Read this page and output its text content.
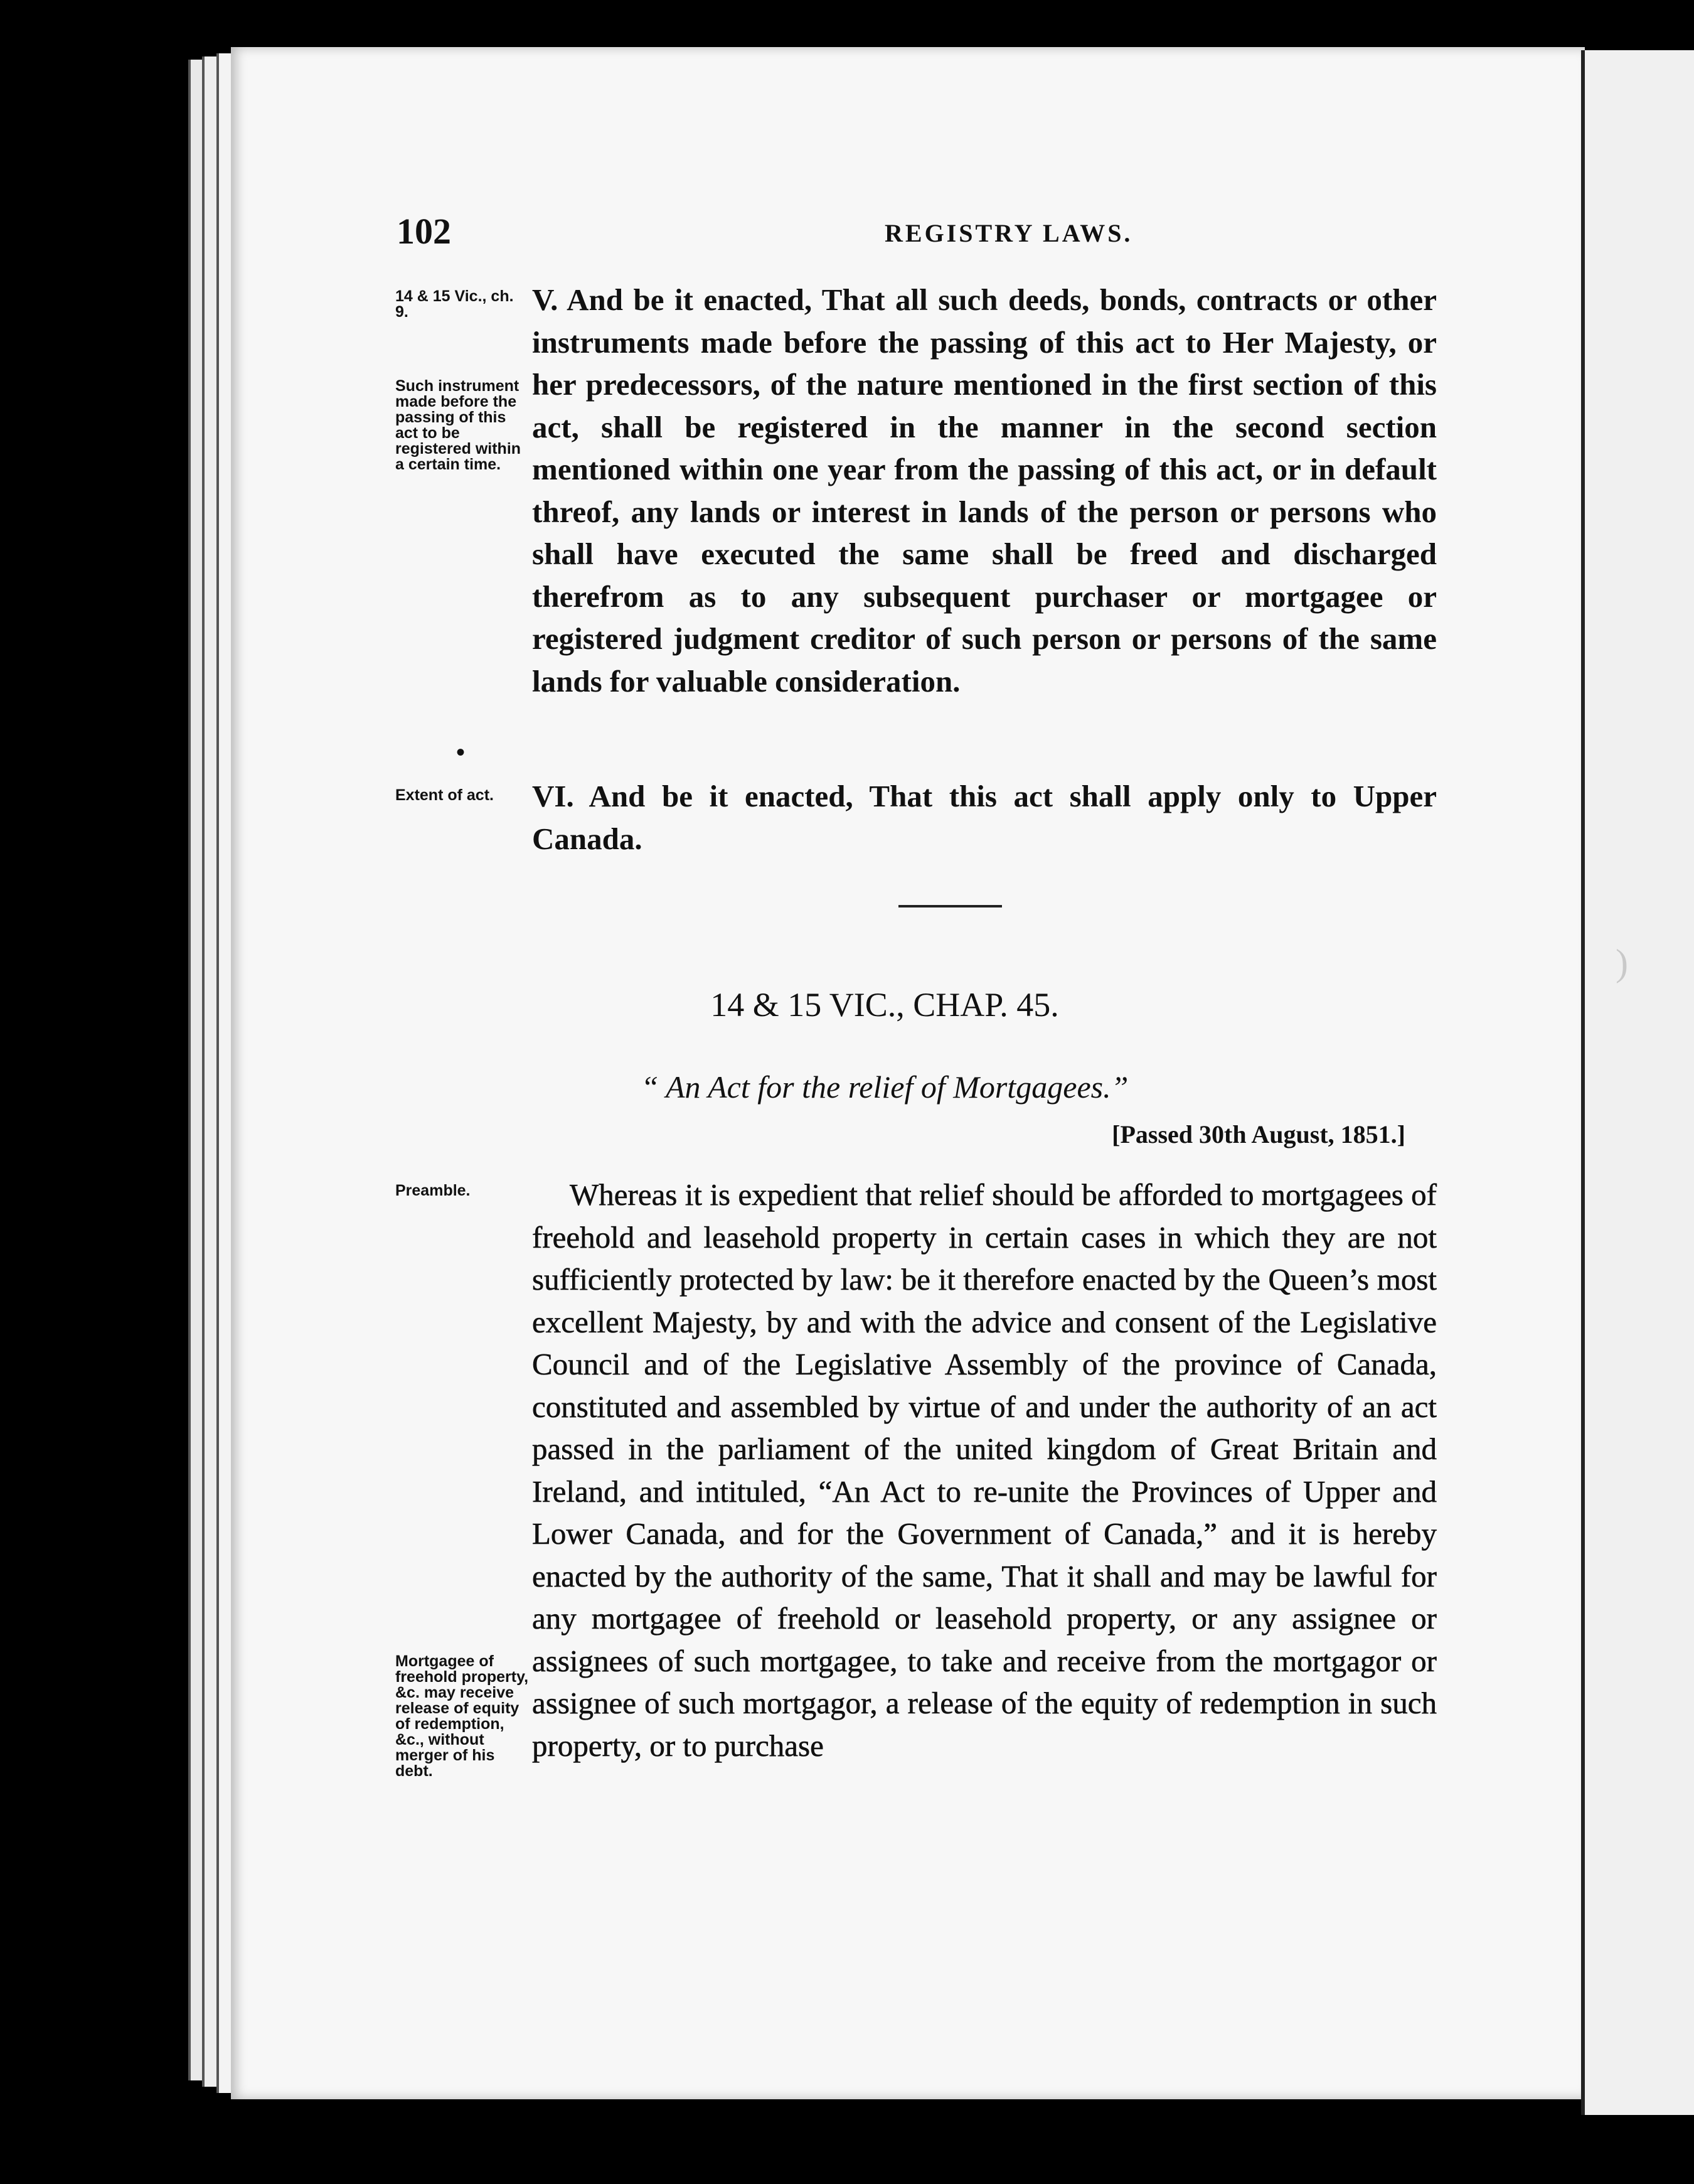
)
102	REGISTRY LAWS.
14 & 15 Vic., ch. 9.
Such instrument made before the passing of this act to be registered within a certain time.
V. And be it enacted, That all such deeds, bonds, contracts or other instruments made before the passing of this act to Her Majesty, or her predecessors, of the nature mentioned in the first section of this act, shall be registered in the manner in the second section mentioned within one year from the passing of this act, or in default threof, any lands or interest in lands of the person or persons who shall have executed the same shall be freed and discharged therefrom as to any subsequent purchaser or mortgagee or registered judgment creditor of such person or persons of the same lands for valuable consideration.
•
Extent of act.	VI. And be it enacted, That this act shall apply only to Upper Canada.
14 & 15 VIC., CHAP. 45.
“ An Act for the relief of Mortgagees.”
[Passed 30th August, 1851.]
Preamble.
Mortgagee of freehold property, &c. may receive release of equity of redemption, &c., without merger of his debt.
Whereas it is expedient that relief should be afforded to mortgagees of freehold and leasehold property in certain cases in which they are not sufficiently protected by law: be it therefore enacted by the Queen’s most excellent Majesty, by and with the advice and consent of the Legislative Council and of the Legislative Assembly of the province of Canada, constituted and assembled by virtue of and under the authority of an act passed in the parliament of the united kingdom of Great Britain and Ireland, and intituled, “An Act to re-unite the Provinces of Upper and Lower Canada, and for the Government of Canada,” and it is hereby enacted by the authority of the same, That it shall and may be lawful for any mortgagee of freehold or leasehold property, or any assignee or assignees of such mortgagee, to take and receive from the mortgagor or assignee of such mortgagor, a release of the equity of redemption in such property, or to purchase
